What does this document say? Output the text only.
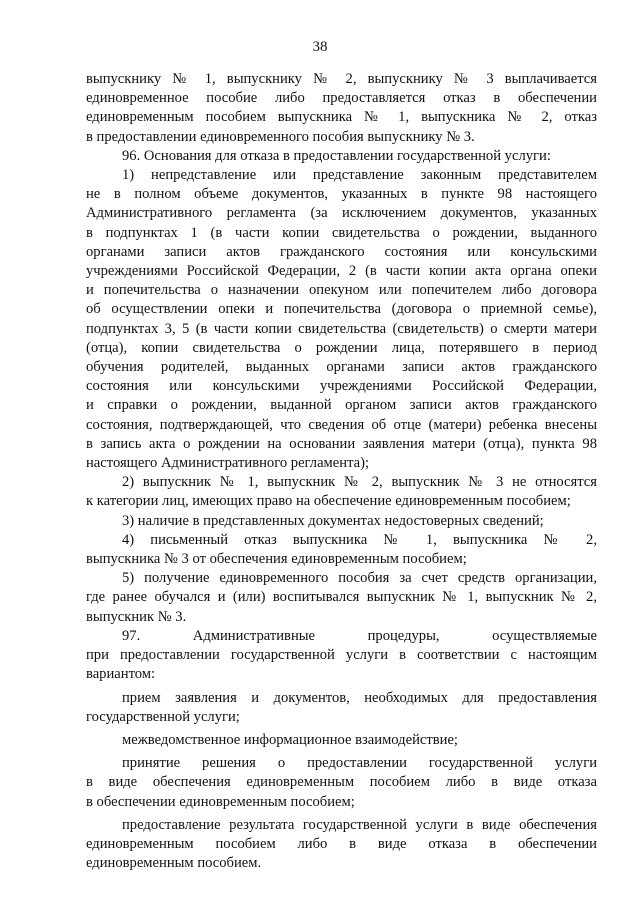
38

выпускнику № 1, выпускнику № 2, выпускнику № 3 выплачивается

единовременное пособие либо предоставляется отказ в обеспечении

единовременным пособием выпускника № 1, выпускника № 2, отказ

в предоставлении единовременного пособия выпускнику № 3.

96. Основания для отказа в предоставлении государственной услуги:

1) непредставление или представление законным представителем

не в полном объеме документов, указанных в пункте 98 настоящего

Административного регламента (за исключением документов, указанных

в подпунктах 1 (в части копии свидетельства о рождении, выданного

органами записи актов гражданского состояния или консульскими

учреждениями Российской Федерации, 2 (в части копии акта органа опеки

и попечительства о назначении опекуном или попечителем либо договора

об осуществлении опеки и попечительства (договора о приемной семье),

подпунктах 3, 5 (в части копии свидетельства (свидетельств) о смерти матери

(отца), копии свидетельства о рождении лица, потерявшего в период

обучения родителей, выданных органами записи актов гражданского

состояния или консульскими учреждениями Российской Федерации,

и справки о рождении, выданной органом записи актов гражданского

состояния, подтверждающей, что сведения об отце (матери) ребенка внесены

в запись акта о рождении на основании заявления матери (отца), пункта 98

настоящего Административного регламента);

2) выпускник № 1, выпускник № 2, выпускник № 3 не относятся

к категории лиц, имеющих право на обеспечение единовременным пособием;

3) наличие в представленных документах недостоверных сведений;

4) письменный отказ выпускника № 1, выпускника № 2,

выпускника № 3 от обеспечения единовременным пособием;

5) получение единовременного пособия за счет средств организации,

где ранее обучался и (или) воспитывался выпускник № 1, выпускник № 2,

выпускник № 3.

97. Административные процедуры, осуществляемые

при предоставлении государственной услуги в соответствии с настоящим

вариантом:

прием заявления и документов, необходимых для предоставления

государственной услуги;

межведомственное информационное взаимодействие;

принятие решения о предоставлении государственной услуги

в виде обеспечения единовременным пособием либо в виде отказа

в обеспечении единовременным пособием;

предоставление результата государственной услуги в виде обеспечения

единовременным пособием либо в виде отказа в обеспечении

единовременным пособием.
